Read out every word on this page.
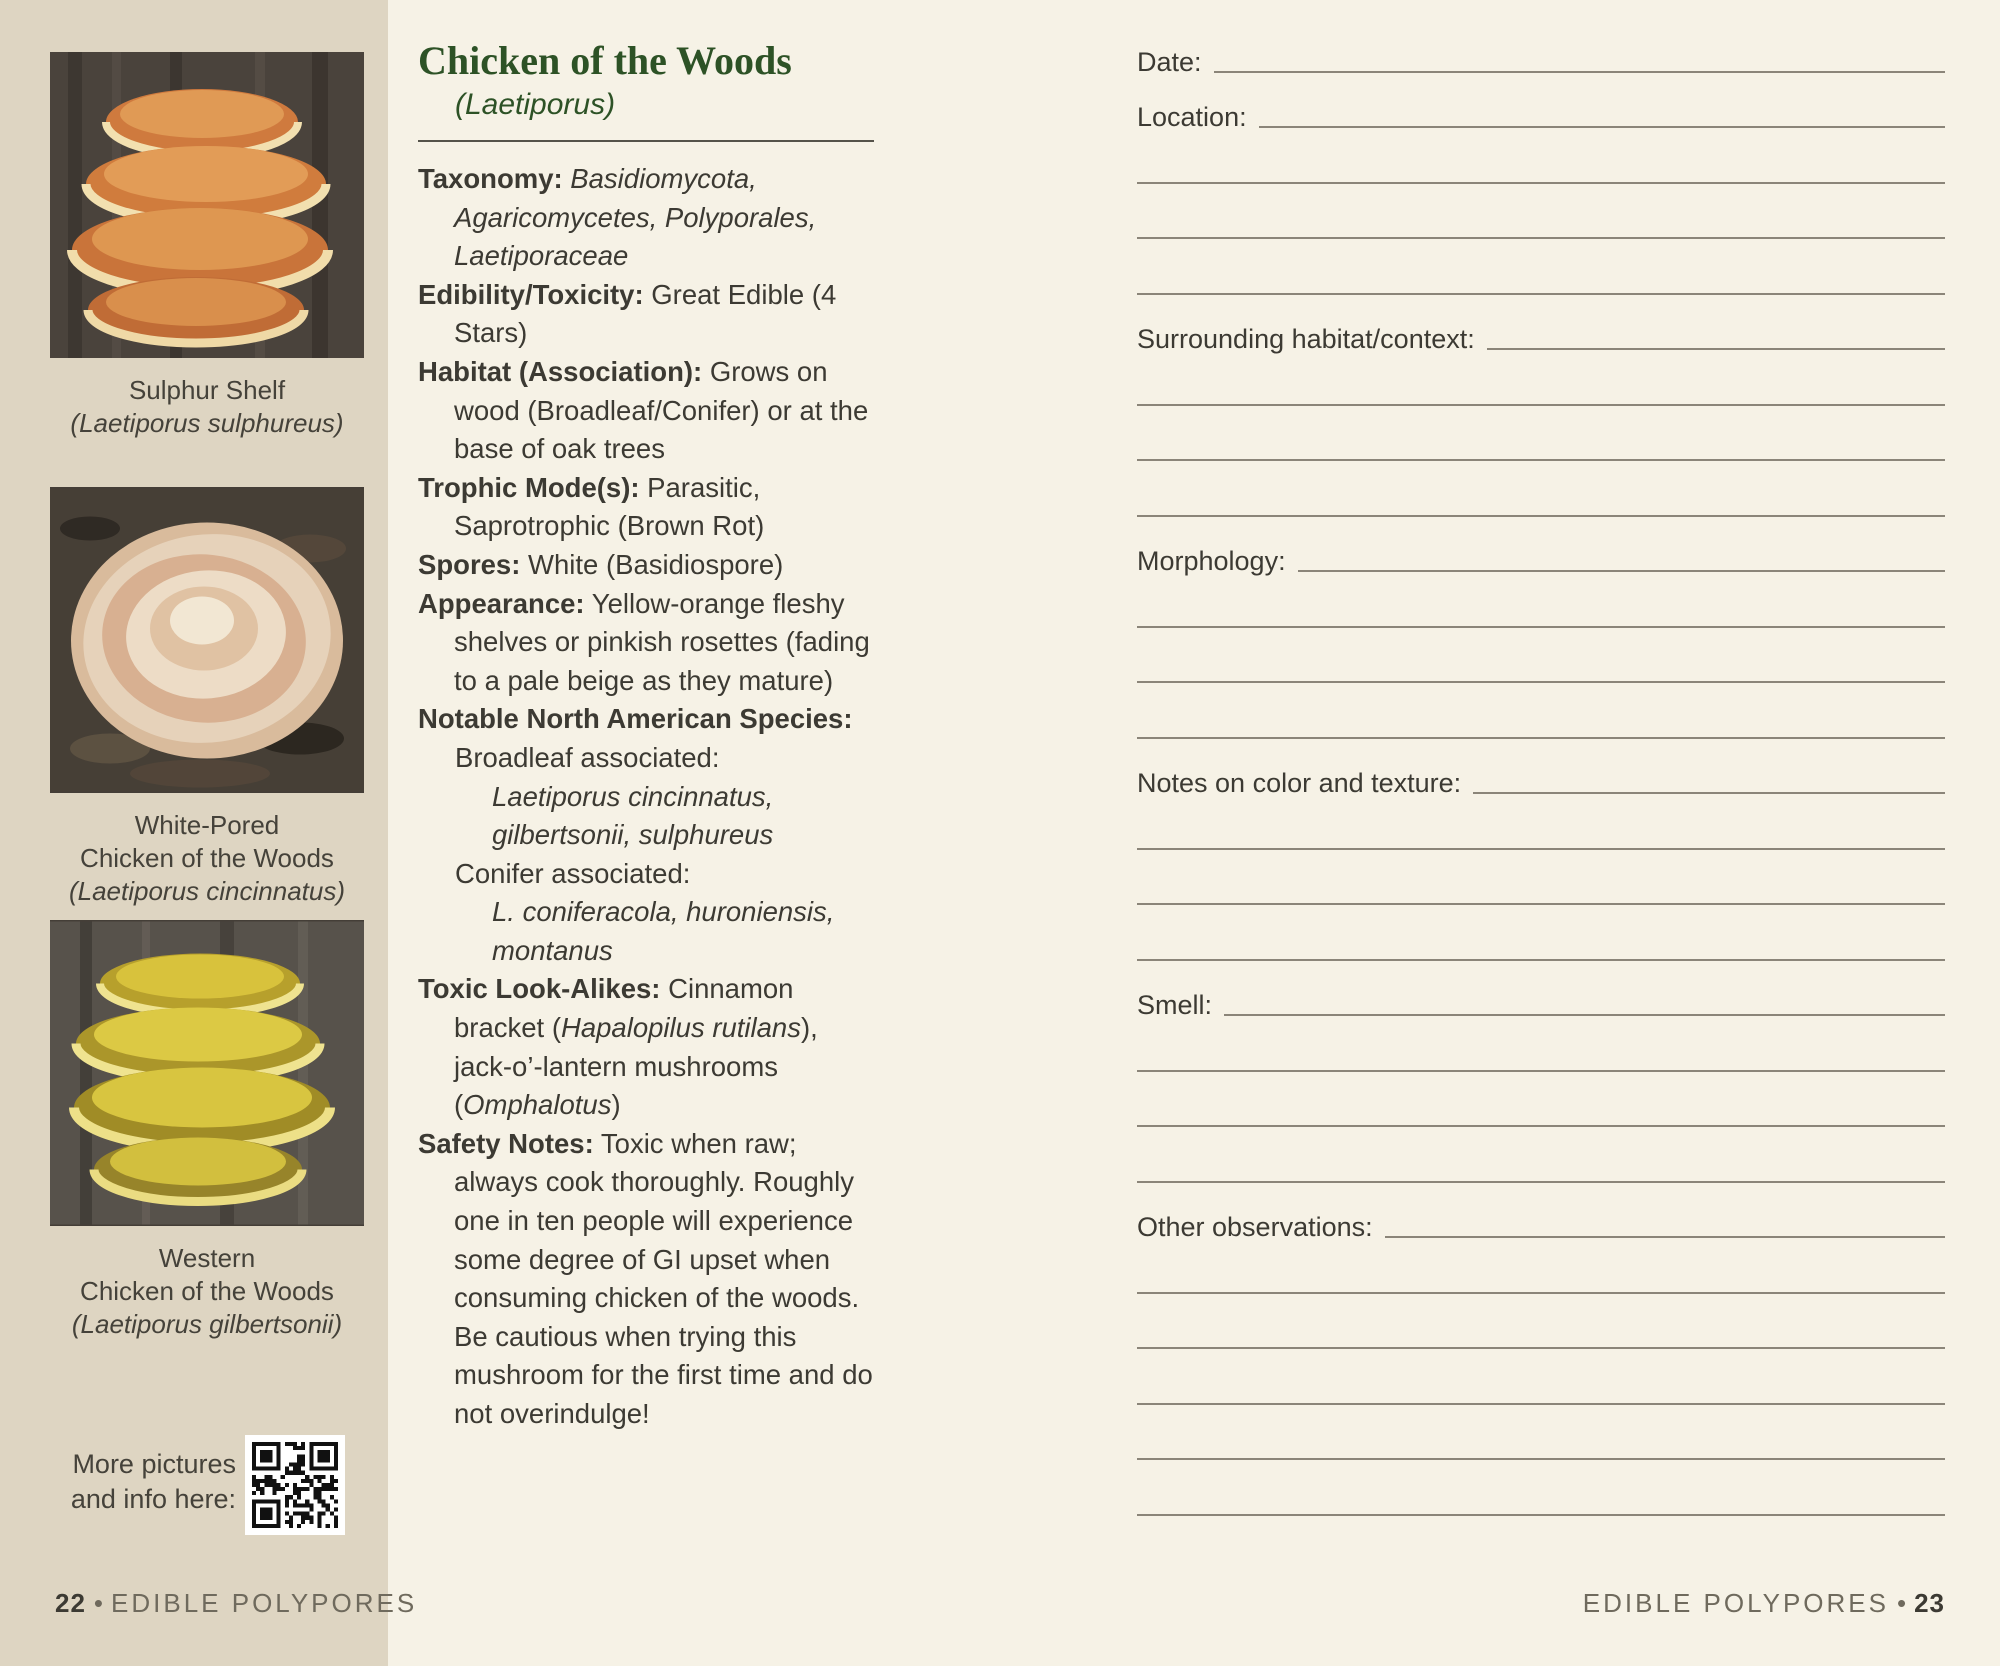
Sulphur Shelf
(Laetiporus sulphureus)
White-Pored
Chicken of the Woods
(Laetiporus cincinnatus)
Western
Chicken of the Woods
(Laetiporus gilbertsonii)
More pictures
and info here:
22 • EDIBLE POLYPORES
Chicken of the Woods
(Laetiporus)
Taxonomy: Basidiomycota, Agaricomycetes, Polyporales, Laetiporaceae
Edibility/Toxicity: Great Edible (4 Stars)
Habitat (Association): Grows on wood (Broadleaf/Conifer) or at the base of oak trees
Trophic Mode(s): Parasitic, Saprotrophic (Brown Rot)
Spores: White (Basidiospore)
Appearance: Yellow-orange fleshy shelves or pinkish rosettes (fading to a pale beige as they mature)
Notable North American Species:
Broadleaf associated:
Laetiporus cincinnatus, gilbertsonii, sulphureus
Conifer associated:
L. coniferacola, huroniensis, montanus
Toxic Look-Alikes: Cinnamon bracket (Hapalopilus rutilans), jack-o’-lantern mushrooms (Omphalotus)
Safety Notes: Toxic when raw; always cook thoroughly. Roughly one in ten people will experience some degree of GI upset when consuming chicken of the woods. Be cautious when trying this mushroom for the first time and do not overindulge!
Date:
Location:
Surrounding habitat/context:
Morphology:
Notes on color and texture:
Smell:
Other observations:
EDIBLE POLYPORES • 23
